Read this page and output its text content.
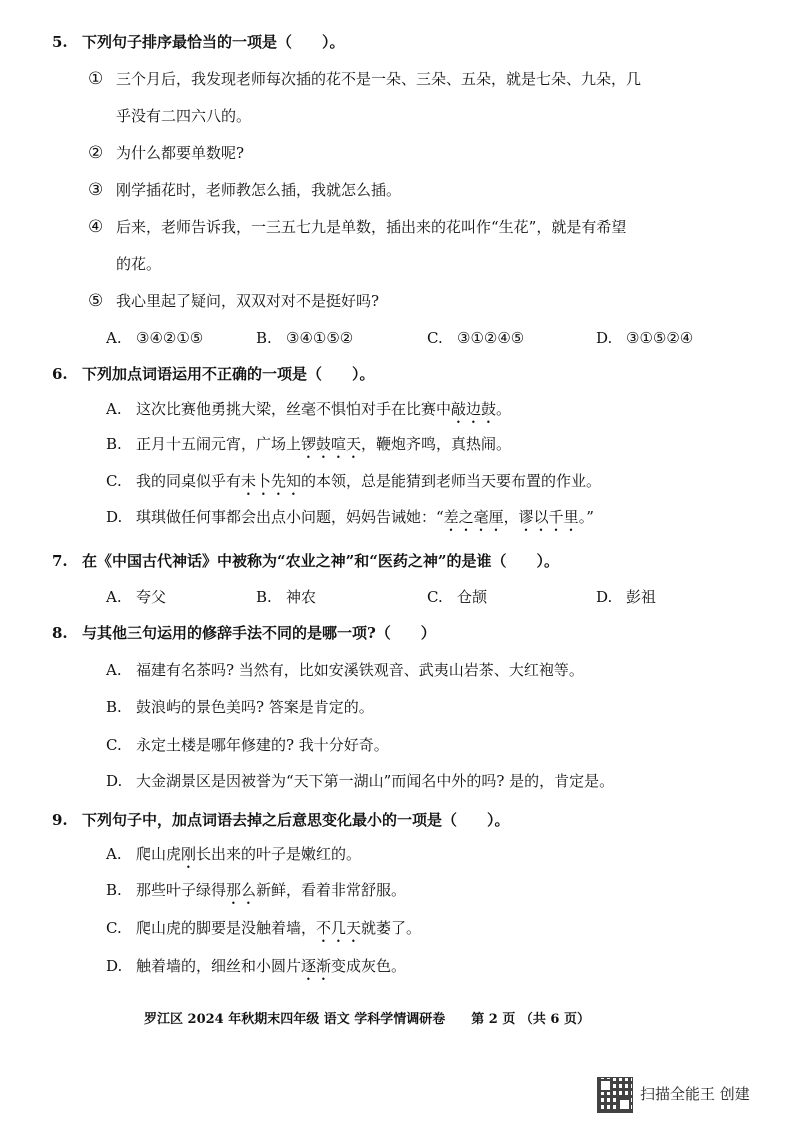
5. 下列句子排序最恰当的一项是（　　）。
① 三个月后，我发现老师每次插的花不是一朵、三朵、五朵，就是七朵、九朵，几
乎没有二四六八的。
② 为什么都要单数呢?
③ 刚学插花时，老师教怎么插，我就怎么插。
④ 后来，老师告诉我，一三五七九是单数，插出来的花叫作“生花”，就是有希望
的花。
⑤ 我心里起了疑问，双双对对不是挺好吗?
A. ③④②①⑤	B. ③④①⑤②	C. ③①②④⑤	D. ③①⑤②④
6. 下列加点词语运用不正确的一项是（　　）。
A. 这次比赛他勇挑大梁，丝毫不惧怕对手在比赛中敲边鼓。
B. 正月十五闹元宵，广场上锣鼓喧天，鞭炮齐鸣，真热闹。
C. 我的同桌似乎有未卜先知的本领，总是能猜到老师当天要布置的作业。
D. 琪琪做任何事都会出点小问题，妈妈告诫她：“差之毫厘，谬以千里。”
7. 在《中国古代神话》中被称为“农业之神”和“医药之神”的是谁（　　）。
A. 夸父	B. 神农	C. 仓颉	D. 彭祖
8. 与其他三句运用的修辞手法不同的是哪一项?（　　）
A. 福建有名茶吗? 当然有，比如安溪铁观音、武夷山岩茶、大红袍等。
B. 鼓浪屿的景色美吗? 答案是肯定的。
C. 永定土楼是哪年修建的? 我十分好奇。
D. 大金湖景区是因被誉为“天下第一湖山”而闻名中外的吗? 是的，肯定是。
9. 下列句子中，加点词语去掉之后意思变化最小的一项是（　　）。
A. 爬山虎刚长出来的叶子是嫩红的。
B. 那些叶子绿得那么新鲜，看着非常舒服。
C. 爬山虎的脚要是没触着墙，不几天就萎了。
D. 触着墙的，细丝和小圆片逐渐变成灰色。
罗江区 2024 年秋期末四年级 语文 学科学情调研卷　　第 2 页 （共 6 页）
扫描全能王 创建
